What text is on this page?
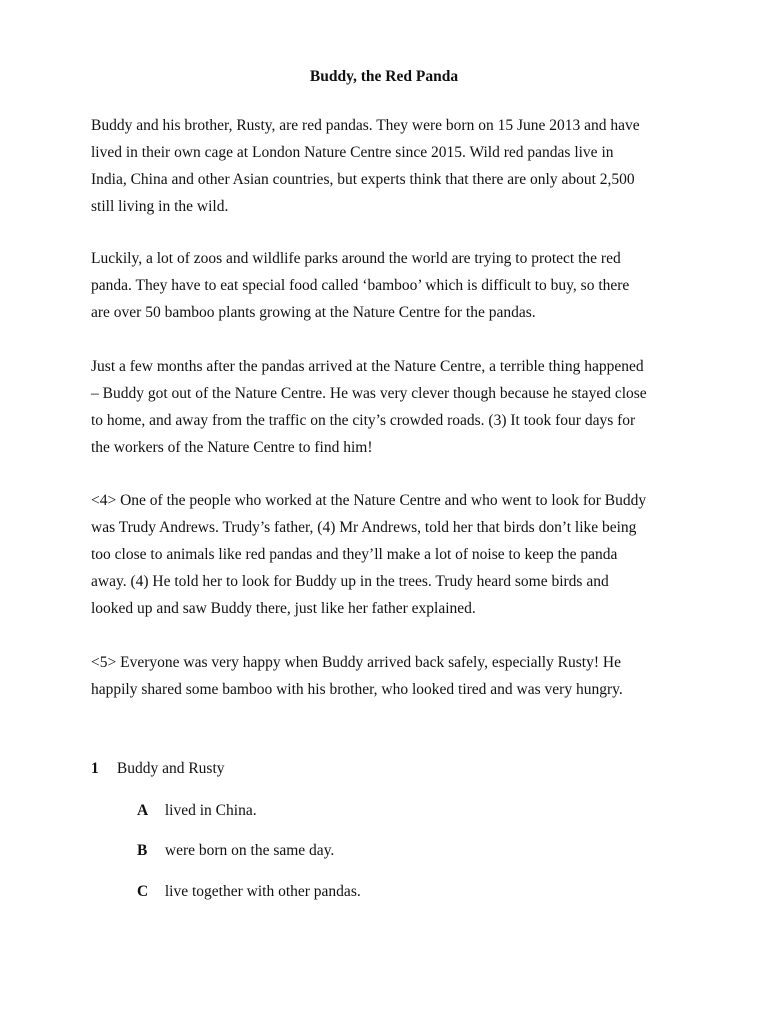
Buddy, the Red Panda
Buddy and his brother, Rusty, are red pandas. They were born on 15 June 2013 and have
lived in their own cage at London Nature Centre since 2015. Wild red pandas live in
India, China and other Asian countries, but experts think that there are only about 2,500
still living in the wild.
Luckily, a lot of zoos and wildlife parks around the world are trying to protect the red
panda. They have to eat special food called ‘bamboo’ which is difficult to buy, so there
are over 50 bamboo plants growing at the Nature Centre for the pandas.
Just a few months after the pandas arrived at the Nature Centre, a terrible thing happened
– Buddy got out of the Nature Centre. He was very clever though because he stayed close
to home, and away from the traffic on the city’s crowded roads. (3) It took four days for
the workers of the Nature Centre to find him!
<4> One of the people who worked at the Nature Centre and who went to look for Buddy
was Trudy Andrews. Trudy’s father, (4) Mr Andrews, told her that birds don’t like being
too close to animals like red pandas and they’ll make a lot of noise to keep the panda
away. (4) He told her to look for Buddy up in the trees. Trudy heard some birds and
looked up and saw Buddy there, just like her father explained.
<5> Everyone was very happy when Buddy arrived back safely, especially Rusty! He
happily shared some bamboo with his brother, who looked tired and was very hungry.
1 Buddy and Rusty
A lived in China.
B were born on the same day.
C live together with other pandas.
